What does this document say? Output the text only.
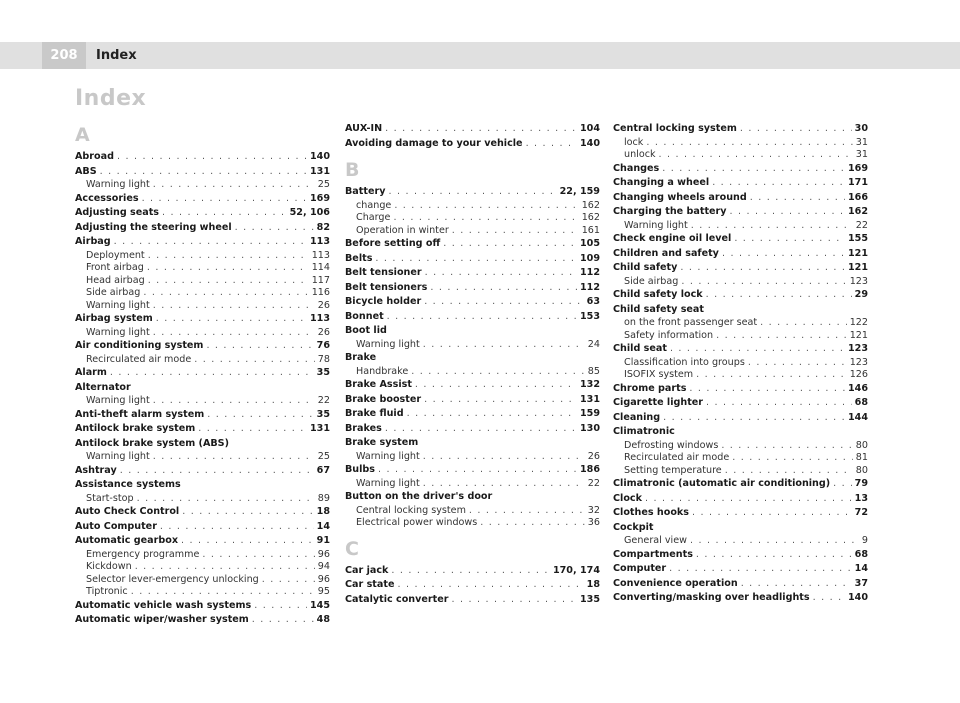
208	Index
Index
A
Abroad . . .	140
ABS . . .	131
Warning light . . .	25
Accessories . . .	169
Adjusting seats . . .	52, 106
Adjusting the steering wheel . . .	82
Airbag . . .	113
Deployment . . .	113
Front airbag . . .	114
Head airbag . . .	117
Side airbag . . .	116
Warning light . . .	26
Airbag system . . .	113
Warning light . . .	26
Air conditioning system . . .	76
Recirculated air mode . . .	78
Alarm . . .	35
Alternator
Warning light . . .	22
Anti-theft alarm system . . .	35
Antilock brake system . . .	131
Antilock brake system (ABS)
Warning light . . .	25
Ashtray . . .	67
Assistance systems
Start-stop . . .	89
Auto Check Control . . .	18
Auto Computer . . .	14
Automatic gearbox . . .	91
Emergency programme . . .	96
Kickdown . . .	94
Selector lever-emergency unlocking . . .	96
Tiptronic . . .	95
Automatic vehicle wash systems . . .	145
Automatic wiper/washer system . . .	48
AUX-IN . . .	104
Avoiding damage to your vehicle . . .	140
B
Battery . . .	22, 159
change . . .	162
Charge . . .	162
Operation in winter . . .	161
Before setting off . . .	105
Belts . . .	109
Belt tensioner . . .	112
Belt tensioners . . .	112
Bicycle holder . . .	63
Bonnet . . .	153
Boot lid
Warning light . . .	24
Brake
Handbrake . . .	85
Brake Assist . . .	132
Brake booster . . .	131
Brake fluid . . .	159
Brakes . . .	130
Brake system
Warning light . . .	26
Bulbs . . .	186
Warning light . . .	22
Button on the driver's door
Central locking system . . .	32
Electrical power windows . . .	36
C
Car jack . . .	170, 174
Car state . . .	18
Catalytic converter . . .	135
Central locking system . . .	30
lock . . .	31
unlock . . .	31
Changes . . .	169
Changing a wheel . . .	171
Changing wheels around . . .	166
Charging the battery . . .	162
Warning light . . .	22
Check engine oil level . . .	155
Children and safety . . .	121
Child safety . . .	121
Side airbag . . .	123
Child safety lock . . .	29
Child safety seat
on the front passenger seat . . .	122
Safety information . . .	121
Child seat . . .	123
Classification into groups . . .	123
ISOFIX system . . .	126
Chrome parts . . .	146
Cigarette lighter . . .	68
Cleaning . . .	144
Climatronic
Defrosting windows . . .	80
Recirculated air mode . . .	81
Setting temperature . . .	80
Climatronic (automatic air conditioning) . . .	79
Clock . . .	13
Clothes hooks . . .	72
Cockpit
General view . . .	9
Compartments . . .	68
Computer . . .	14
Convenience operation . . .	37
Converting/masking over headlights . . .	140
